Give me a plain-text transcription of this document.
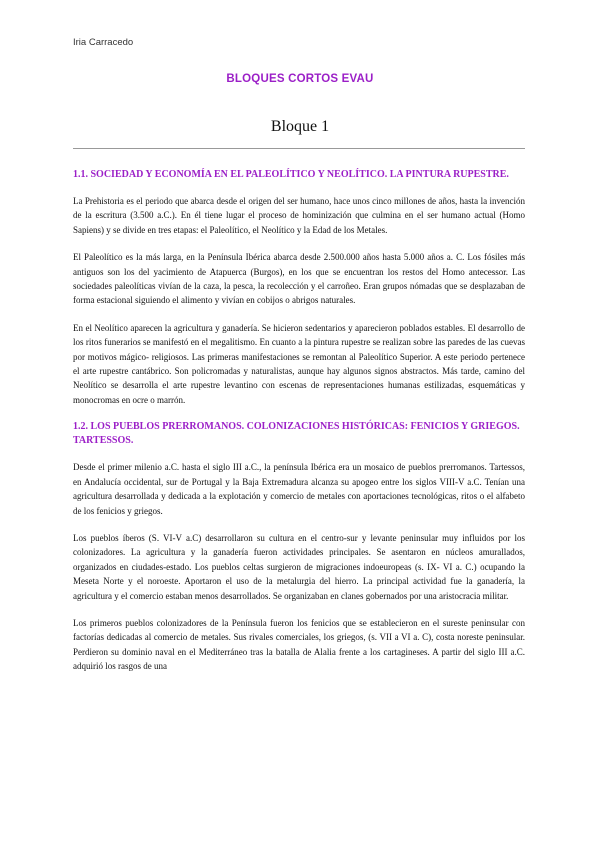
Iria Carracedo
BLOQUES CORTOS EVAU
Bloque 1
1.1. SOCIEDAD Y ECONOMÍA EN EL PALEOLÍTICO Y NEOLÍTICO. LA PINTURA RUPESTRE.

La Prehistoria es el periodo que abarca desde el origen del ser humano, hace unos cinco millones de años, hasta la invención de la escritura (3.500 a.C.). En él tiene lugar el proceso de hominización que culmina en el ser humano actual (Homo Sapiens) y se divide en tres etapas: el Paleolítico, el Neolítico y la Edad de los Metales.

El Paleolítico es la más larga, en la Península Ibérica abarca desde 2.500.000 años hasta 5.000 años a. C. Los fósiles más antiguos son los del yacimiento de Atapuerca (Burgos), en los que se encuentran los restos del Homo antecessor. Las sociedades paleolíticas vivían de la caza, la pesca, la recolección y el carroñeo. Eran grupos nómadas que se desplazaban de forma estacional siguiendo el alimento y vivían en cobijos o abrigos naturales.

En el Neolítico aparecen la agricultura y ganadería. Se hicieron sedentarios y aparecieron poblados estables. El desarrollo de los ritos funerarios se manifestó en el megalitismo. En cuanto a la pintura rupestre se realizan sobre las paredes de las cuevas por motivos mágico- religiosos. Las primeras manifestaciones se remontan al Paleolítico Superior. A este periodo pertenece el arte rupestre cantábrico. Son policromadas y naturalistas, aunque hay algunos signos abstractos. Más tarde, camino del Neolítico se desarrolla el arte rupestre levantino con escenas de representaciones humanas estilizadas, esquemáticas y monocromas en ocre o marrón.

1.2. LOS PUEBLOS PRERROMANOS. COLONIZACIONES HISTÓRICAS: FENICIOS Y GRIEGOS. TARTESSOS.

Desde el primer milenio a.C. hasta el siglo III a.C., la península Ibérica era un mosaico de pueblos prerromanos. Tartessos, en Andalucía occidental, sur de Portugal y la Baja Extremadura alcanza su apogeo entre los siglos VIII-V a.C. Tenían una agricultura desarrollada y dedicada a la explotación y comercio de metales con aportaciones tecnológicas, ritos o el alfabeto de los fenicios y griegos.

Los pueblos íberos (S. VI-V a.C) desarrollaron su cultura en el centro-sur y levante peninsular muy influidos por los colonizadores. La agricultura y la ganadería fueron actividades principales. Se asentaron en núcleos amurallados, organizados en ciudades-estado. Los pueblos celtas surgieron de migraciones indoeuropeas (s. IX- VI a. C.) ocupando la Meseta Norte y el noroeste. Aportaron el uso de la metalurgia del hierro. La principal actividad fue la ganadería, la agricultura y el comercio estaban menos desarrollados. Se organizaban en clanes gobernados por una aristocracia militar.

Los primeros pueblos colonizadores de la Península fueron los fenicios que se establecieron en el sureste peninsular con factorías dedicadas al comercio de metales. Sus rivales comerciales, los griegos, (s. VII a VI a. C), costa noreste peninsular. Perdieron su dominio naval en el Mediterráneo tras la batalla de Alalia frente a los cartagineses. A partir del siglo III a.C. adquirió los rasgos de una
